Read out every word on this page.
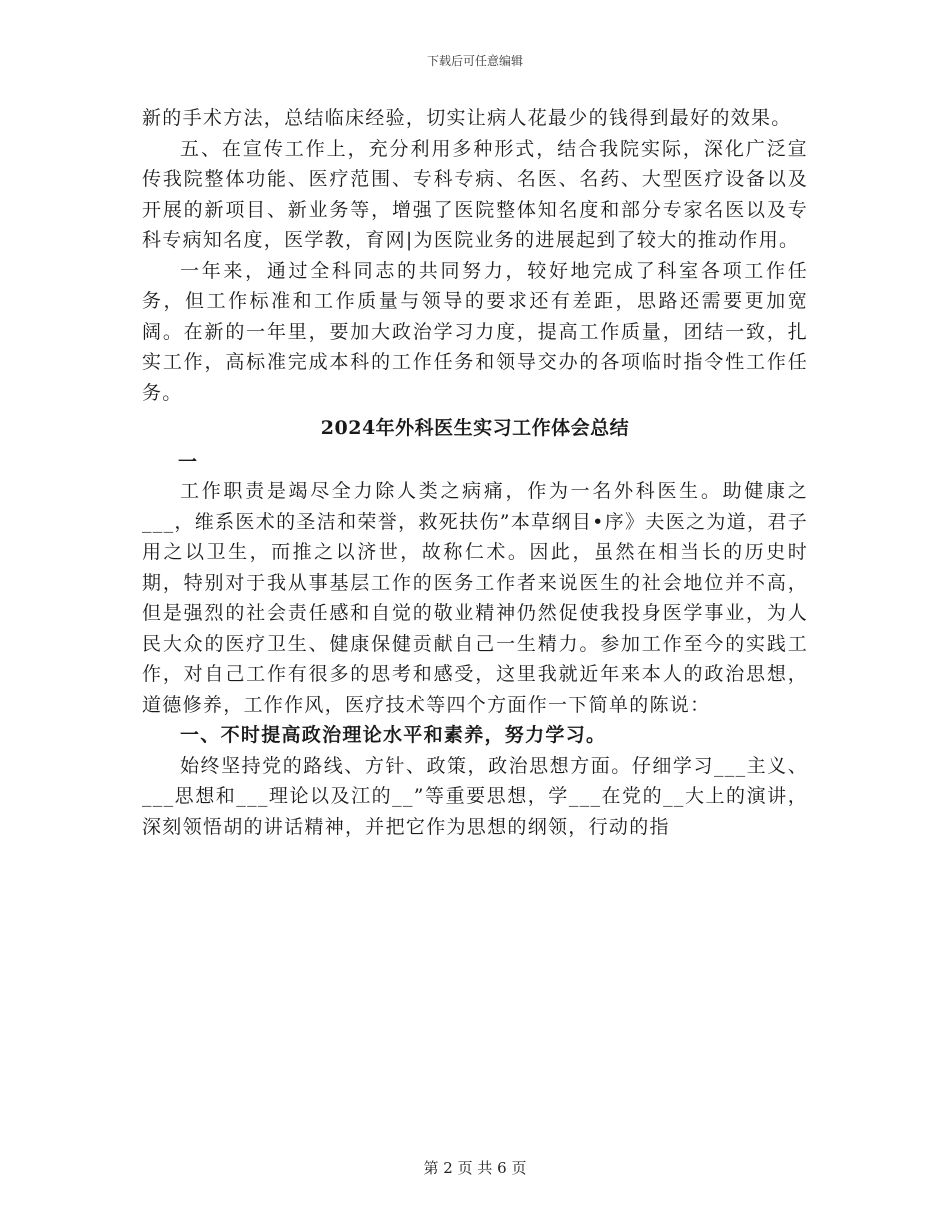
下载后可任意编辑

新的手术方法，总结临床经验，切实让病人花最少的钱得到最好的效果。

五、在宣传工作上，充分利用多种形式，结合我院实际，深化广泛宣传我院整体功能、医疗范围、专科专病、名医、名药、大型医疗设备以及开展的新项目、新业务等，增强了医院整体知名度和部分专家名医以及专科专病知名度，医学教，育网|为医院业务的进展起到了较大的推动作用。

一年来，通过全科同志的共同努力，较好地完成了科室各项工作任务，但工作标准和工作质量与领导的要求还有差距，思路还需要更加宽阔。在新的一年里，要加大政治学习力度，提高工作质量，团结一致，扎实工作，高标准完成本科的工作任务和领导交办的各项临时指令性工作任务。

2024年外科医生实习工作体会总结

一

工作职责是竭尽全力除人类之病痛，作为一名外科医生。助健康之___，维系医术的圣洁和荣誉，救死扶伤”本草纲目•序》夫医之为道，君子用之以卫生，而推之以济世，故称仁术。因此，虽然在相当长的历史时期，特别对于我从事基层工作的医务工作者来说医生的社会地位并不高，但是强烈的社会责任感和自觉的敬业精神仍然促使我投身医学事业，为人民大众的医疗卫生、健康保健贡献自己一生精力。参加工作至今的实践工作，对自己工作有很多的思考和感受，这里我就近年来本人的政治思想，道德修养，工作作风，医疗技术等四个方面作一下简单的陈说：

一、不时提高政治理论水平和素养，努力学习。

始终坚持党的路线、方针、政策，政治思想方面。仔细学习___主义、___思想和___理论以及江的__”等重要思想，学___在党的__大上的演讲，深刻领悟胡的讲话精神，并把它作为思想的纲领，行动的指

第 2 页 共 6 页
